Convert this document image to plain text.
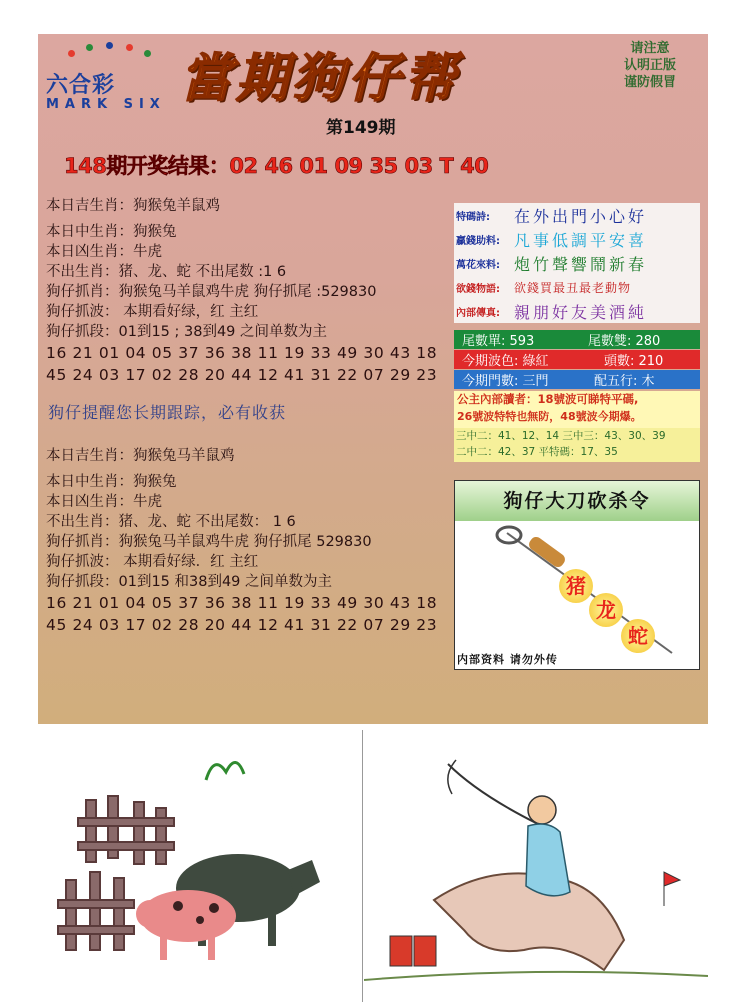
六合彩
MARK SIX 當期狗仔帮	请注意
认明正版
谨防假冒
第149期
148期开奖结果：02 46 01 09 35 03 T 40
本日吉生肖：狗猴兔羊鼠鸡
本日中生肖：狗猴兔
本日凶生肖：牛虎
不出生肖：猪、龙、蛇 不出尾数 :1 6
狗仔抓肖：狗猴兔马羊鼠鸡牛虎 狗仔抓尾 :529830
狗仔抓波： 本期看好绿，红 主红
狗仔抓段：01到15 ; 38到49 之间单数为主
16 21 01 04 05 37 36 38 11 19 33 49 30 43 18
45 24 03 17 02 28 20 44 12 41 31 22 07 29 23
狗仔提醒您长期跟踪，必有收获
本日吉生肖：狗猴兔马羊鼠鸡
本日中生肖：狗猴兔
本日凶生肖：牛虎
不出生肖：猪、龙、蛇 不出尾数： 1 6
狗仔抓肖：狗猴兔马羊鼠鸡牛虎 狗仔抓尾 529830
狗仔抓波： 本期看好绿．红 主红
狗仔抓段：01到15 和38到49 之间单数为主
16 21 01 04 05 37 36 38 11 19 33 49 30 43 18
45 24 03 17 02 28 20 44 12 41 31 22 07 29 23
特碼詩:	在外出門小心好
贏錢助料: 凡事低調平安喜
萬花來料: 炮竹聲響鬧新春
欲錢物語:	欲錢買最丑最老動物
內部傳真: 親朋好友美酒純
尾數單: 593	尾數雙: 280
今期波色: 綠紅	頭數: 210
今期門數: 三門	配五行: 木
公主內部讀者：18號波可睇特平碼,
26號波特特也無防，48號波今期爆。
三中二：41、12、14 三中三：43、30、39
二中二：42、37 平特碼：17、35
狗仔大刀砍杀令
猪
龙
蛇
内部资料 请勿外传
